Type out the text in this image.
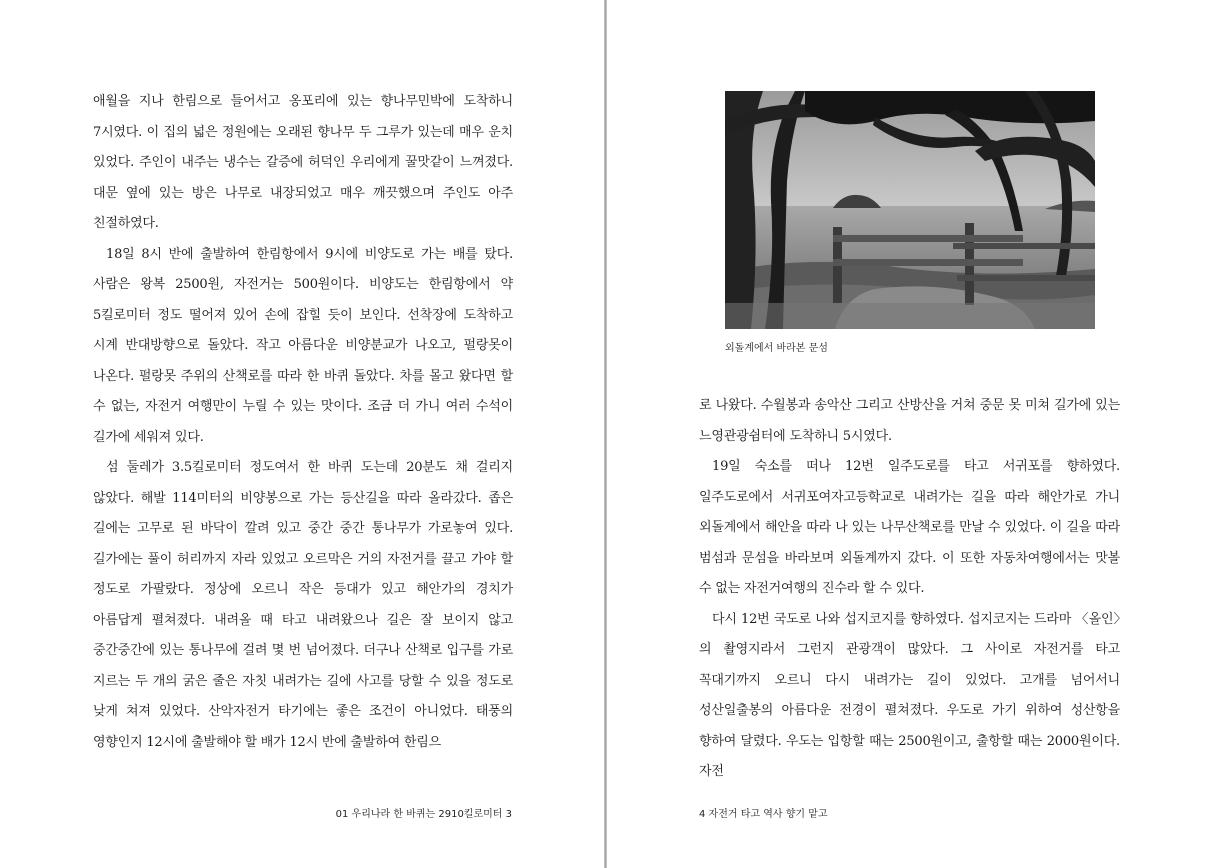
애월을 지나 한림으로 들어서고 옹포리에 있는 향나무민박에 도착하니 7시였다. 이 집의 넓은 정원에는 오래된 향나무 두 그루가 있는데 매우 운치 있었다. 주인이 내주는 냉수는 갈증에 허덕인 우리에게 꿀맛같이 느껴졌다. 대문 옆에 있는 방은 나무로 내장되었고 매우 깨끗했으며 주인도 아주 친절하였다.

18일 8시 반에 출발하여 한림항에서 9시에 비양도로 가는 배를 탔다. 사람은 왕복 2500원, 자전거는 500원이다. 비양도는 한림항에서 약 5킬로미터 정도 떨어져 있어 손에 잡힐 듯이 보인다. 선착장에 도착하고 시계 반대방향으로 돌았다. 작고 아름다운 비양분교가 나오고, 펄랑못이 나온다. 펄랑못 주위의 산책로를 따라 한 바퀴 돌았다. 차를 몰고 왔다면 할 수 없는, 자전거 여행만이 누릴 수 있는 맛이다. 조금 더 가니 여러 수석이 길가에 세워져 있다.

섬 둘레가 3.5킬로미터 정도여서 한 바퀴 도는데 20분도 채 걸리지 않았다. 해발 114미터의 비양봉으로 가는 등산길을 따라 올라갔다. 좁은 길에는 고무로 된 바닥이 깔려 있고 중간 중간 통나무가 가로놓여 있다. 길가에는 풀이 허리까지 자라 있었고 오르막은 거의 자전거를 끌고 가야 할 정도로 가팔랐다. 정상에 오르니 작은 등대가 있고 해안가의 경치가 아름답게 펼쳐졌다. 내려올 때 타고 내려왔으나 길은 잘 보이지 않고 중간중간에 있는 통나무에 걸려 몇 번 넘어졌다. 더구나 산책로 입구를 가로 지르는 두 개의 굵은 줄은 자칫 내려가는 길에 사고를 당할 수 있을 정도로 낮게 쳐져 있었다. 산악자전거 타기에는 좋은 조건이 아니었다. 태풍의 영향인지 12시에 출발해야 할 배가 12시 반에 출발하여 한림으

01 우리나라 한 바퀴는 2910킬로미터 3
외돌계에서 바라본 문섬

로 나왔다. 수월봉과 송악산 그리고 산방산을 거쳐 중문 못 미쳐 길가에 있는 느영관광쉼터에 도착하니 5시였다.

19일 숙소를 떠나 12번 일주도로를 타고 서귀포를 향하였다. 일주도로에서 서귀포여자고등학교로 내려가는 길을 따라 해안가로 가니 외돌계에서 해안을 따라 나 있는 나무산책로를 만날 수 있었다. 이 길을 따라 범섬과 문섬을 바라보며 외돌계까지 갔다. 이 또한 자동차여행에서는 맛볼 수 없는 자전거여행의 진수라 할 수 있다.

다시 12번 국도로 나와 섭지코지를 향하였다. 섭지코지는 드라마 〈올인〉의 촬영지라서 그런지 관광객이 많았다. 그 사이로 자전거를 타고 꼭대기까지 오르니 다시 내려가는 길이 있었다. 고개를 넘어서니 성산일출봉의 아름다운 전경이 펼쳐졌다. 우도로 가기 위하여 성산항을 향하여 달렸다. 우도는 입항할 때는 2500원이고, 출항할 때는 2000원이다. 자전

4 자전거 타고 역사 향기 맡고
